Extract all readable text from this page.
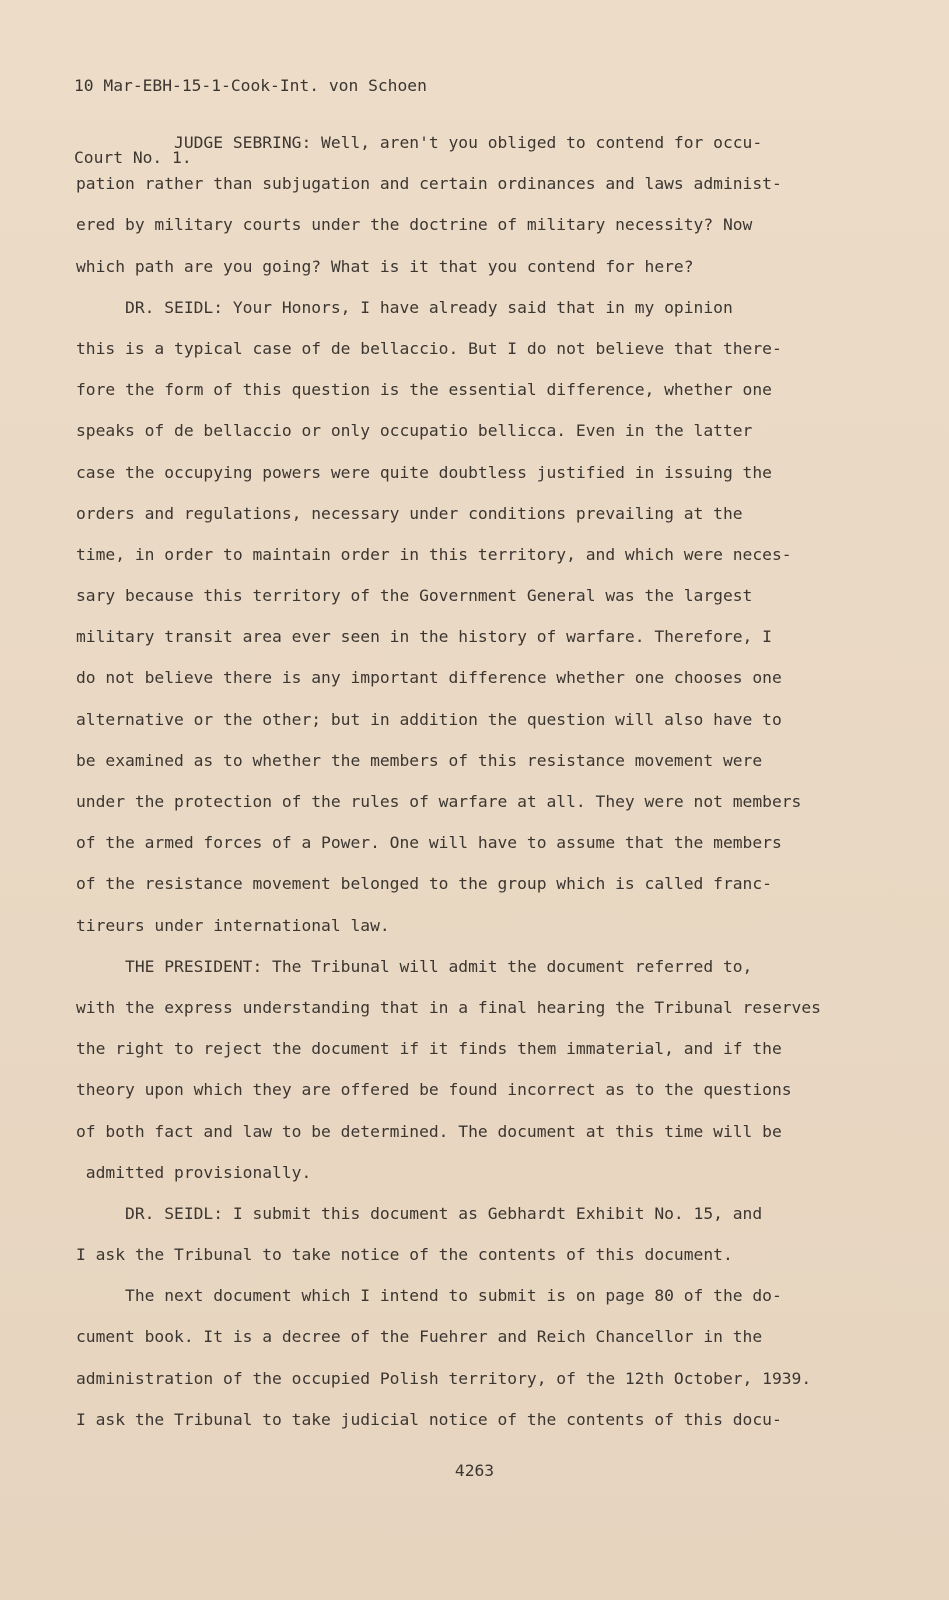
10 Mar-EBH-15-1-Cook-Int. von Schoen

Court No. 1.

JUDGE SEBRING: Well, aren't you obliged to contend for occu-
pation rather than subjugation and certain ordinances and laws administ-
ered by military courts under the doctrine of military necessity? Now
which path are you going? What is it that you contend for here?
DR. SEIDL: Your Honors, I have already said that in my opinion
this is a typical case of de bellaccio. But I do not believe that there-
fore the form of this question is the essential difference, whether one
speaks of de bellaccio or only occupatio bellicca. Even in the latter
case the occupying powers were quite doubtless justified in issuing the
orders and regulations, necessary under conditions prevailing at the
time, in order to maintain order in this territory, and which were neces-
sary because this territory of the Government General was the largest
military transit area ever seen in the history of warfare. Therefore, I
do not believe there is any important difference whether one chooses one
alternative or the other; but in addition the question will also have to
be examined as to whether the members of this resistance movement were
under the protection of the rules of warfare at all. They were not members
of the armed forces of a Power. One will have to assume that the members
of the resistance movement belonged to the group which is called franc-
tireurs under international law.
THE PRESIDENT: The Tribunal will admit the document referred to,
with the express understanding that in a final hearing the Tribunal reserves
the right to reject the document if it finds them immaterial, and if the
theory upon which they are offered be found incorrect as to the questions
of both fact and law to be determined. The document at this time will be
admitted provisionally.
DR. SEIDL: I submit this document as Gebhardt Exhibit No. 15, and
I ask the Tribunal to take notice of the contents of this document.
The next document which I intend to submit is on page 80 of the do-
cument book. It is a decree of the Fuehrer and Reich Chancellor in the
administration of the occupied Polish territory, of the 12th October, 1939.
I ask the Tribunal to take judicial notice of the contents of this docu-
4263
